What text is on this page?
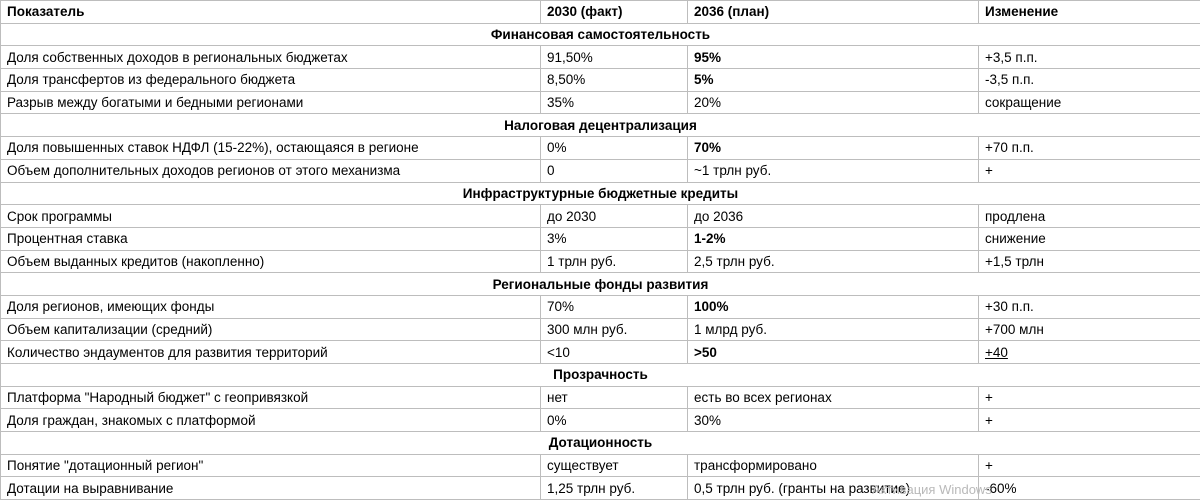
Показатель	2030 (факт)	2036 (план)	Изменение
Финансовая самостоятельность			
Доля собственных доходов в региональных бюджетах	91,50%	95%	+3,5 п.п.
Доля трансфертов из федерального бюджета	8,50%	5%	-3,5 п.п.
Разрыв между богатыми и бедными регионами	35%	20%	сокращение
Налоговая децентрализация			
Доля повышенных ставок НДФЛ (15-22%), остающаяся в регионе	0%	70%	+70 п.п.
Объем дополнительных доходов регионов от этого механизма	0	~1 трлн руб.	+
Инфраструктурные бюджетные кредиты			
Срок программы	до 2030	до 2036	продлена
Процентная ставка	3%	1-2%	снижение
Объем выданных кредитов (накопленно)	1 трлн руб.	2,5 трлн руб.	+1,5 трлн
Региональные фонды развития			
Доля регионов, имеющих фонды	70%	100%	+30 п.п.
Объем капитализации (средний)	300 млн руб.	1 млрд руб.	+700 млн
Количество эндаументов для развития территорий	<10	>50	+40
Прозрачность			
Платформа "Народный бюджет" с геопривязкой	нет	есть во всех регионах	+
Доля граждан, знакомых с платформой	0%	30%	+
Дотационность			
Понятие "дотационный регион"	существует	трансформировано	+
Дотации на выравнивание	1,25 трлн руб.	0,5 трлн руб. (гранты на развитие)	-60%
Активация Windows
